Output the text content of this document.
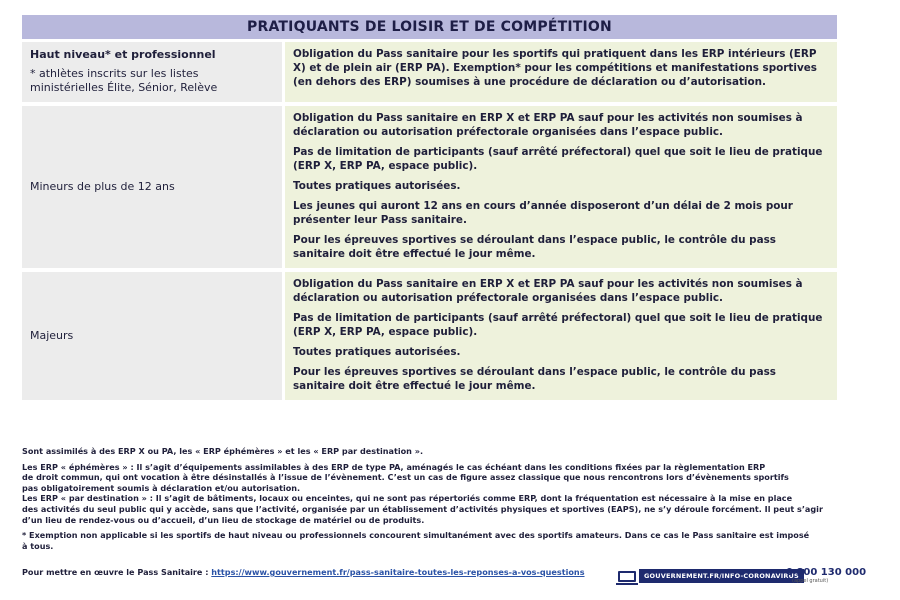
PRATIQUANTS DE LOISIR ET DE COMPÉTITION
Haut niveau* et professionnel
* athlètes inscrits sur les listes ministérielles Élite, Sénior, Relève

Obligation du Pass sanitaire pour les sportifs qui pratiquent dans les ERP intérieurs (ERP X) et de plein air (ERP PA). Exemption* pour les compétitions et manifestations sportives (en dehors des ERP) soumises à une procédure de déclaration ou d’autorisation.

Mineurs de plus de 12 ans

Obligation du Pass sanitaire en ERP X et ERP PA sauf pour les activités non soumises à déclaration ou autorisation préfectorale organisées dans l’espace public.

Pas de limitation de participants (sauf arrêté préfectoral) quel que soit le lieu de pratique (ERP X, ERP PA, espace public).

Toutes pratiques autorisées.

Les jeunes qui auront 12 ans en cours d’année disposeront d’un délai de 2 mois pour présenter leur Pass sanitaire.

Pour les épreuves sportives se déroulant dans l’espace public, le contrôle du pass sanitaire doit être effectué le jour même.

Majeurs

Obligation du Pass sanitaire en ERP X et ERP PA sauf pour les activités non soumises à déclaration ou autorisation préfectorale organisées dans l’espace public.

Pas de limitation de participants (sauf arrêté préfectoral) quel que soit le lieu de pratique (ERP X, ERP PA, espace public).

Toutes pratiques autorisées.

Pour les épreuves sportives se déroulant dans l’espace public, le contrôle du pass sanitaire doit être effectué le jour même.

Sont assimilés à des ERP X ou PA, les « ERP éphémères » et les « ERP par destination ».

Les ERP « éphémères » : Il s’agit d’équipements assimilables à des ERP de type PA, aménagés le cas échéant dans les conditions fixées par la règlementation ERP
de droit commun, qui ont vocation à être désinstallés à l’issue de l’évènement. C’est un cas de figure assez classique que nous rencontrons lors d’évènements sportifs
pas obligatoirement soumis à déclaration et/ou autorisation.
Les ERP « par destination » : Il s’agit de bâtiments, locaux ou enceintes, qui ne sont pas répertoriés comme ERP, dont la fréquentation est nécessaire à la mise en place
des activités du seul public qui y accède, sans que l’activité, organisée par un établissement d’activités physiques et sportives (EAPS), ne s’y déroule forcément. Il peut s’agir
d’un lieu de rendez-vous ou d’accueil, d’un lieu de stockage de matériel ou de produits.

* Exemption non applicable si les sportifs de haut niveau ou professionnels concourent simultanément avec des sportifs amateurs. Dans ce cas le Pass sanitaire est imposé
à tous.

Pour mettre en œuvre le Pass Sanitaire : https://www.gouvernement.fr/pass-sanitaire-toutes-les-reponses-a-vos-questions	GOUVERNEMENT.FR/INFO-CORONAVIRUS
0 800 130 000
(appel gratuit)
